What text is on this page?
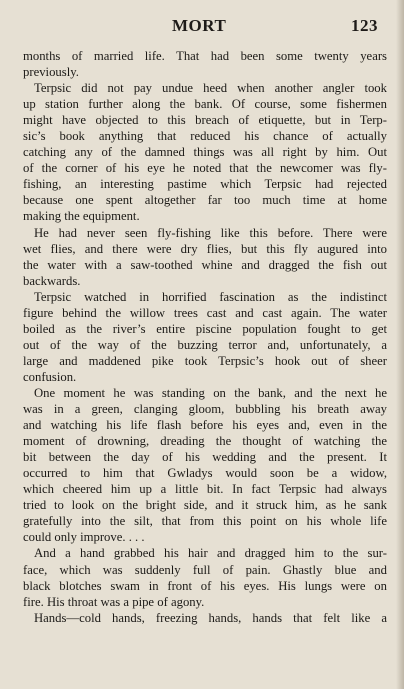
MORT	123
months of married life. That had been some twenty years
previously.
Terpsic did not pay undue heed when another angler took
up station further along the bank. Of course, some fishermen
might have objected to this breach of etiquette, but in Terp-
sic’s book anything that reduced his chance of actually
catching any of the damned things was all right by him. Out
of the corner of his eye he noted that the newcomer was fly-
fishing, an interesting pastime which Terpsic had rejected
because one spent altogether far too much time at home
making the equipment.
He had never seen fly-fishing like this before. There were
wet flies, and there were dry flies, but this fly augured into
the water with a saw-toothed whine and dragged the fish out
backwards.
Terpsic watched in horrified fascination as the indistinct
figure behind the willow trees cast and cast again. The water
boiled as the river’s entire piscine population fought to get
out of the way of the buzzing terror and, unfortunately, a
large and maddened pike took Terpsic’s hook out of sheer
confusion.
One moment he was standing on the bank, and the next he
was in a green, clanging gloom, bubbling his breath away
and watching his life flash before his eyes and, even in the
moment of drowning, dreading the thought of watching the
bit between the day of his wedding and the present. It
occurred to him that Gwladys would soon be a widow,
which cheered him up a little bit. In fact Terpsic had always
tried to look on the bright side, and it struck him, as he sank
gratefully into the silt, that from this point on his whole life
could only improve. . . .
And a hand grabbed his hair and dragged him to the sur-
face, which was suddenly full of pain. Ghastly blue and
black blotches swam in front of his eyes. His lungs were on
fire. His throat was a pipe of agony.
Hands—cold hands, freezing hands, hands that felt like a
